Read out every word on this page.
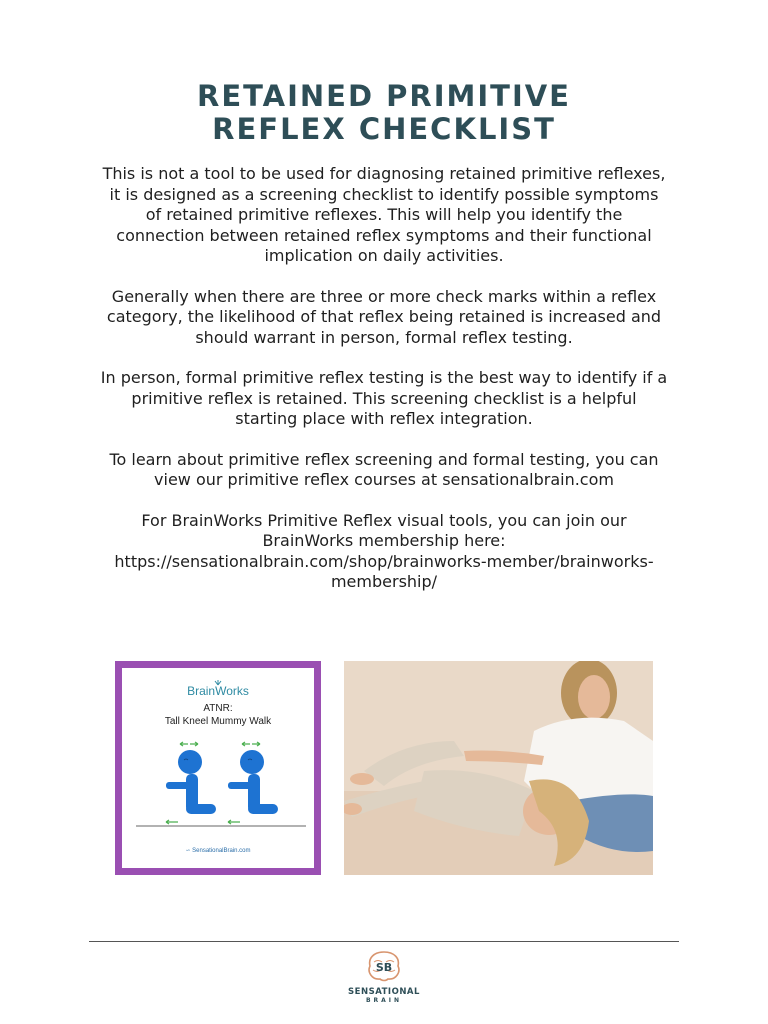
RETAINED PRIMITIVE
REFLEX CHECKLIST

This is not a tool to be used for diagnosing retained primitive reflexes, it is designed as a screening checklist to identify possible symptoms of retained primitive reflexes. This will help you identify the connection between retained reflex symptoms and their functional implication on daily activities.

Generally when there are three or more check marks within a reflex category, the likelihood of that reflex being retained is increased and should warrant in person, formal reflex testing.

In person, formal primitive reflex testing is the best way to identify if a primitive reflex is retained. This screening checklist is a helpful starting place with reflex integration.

To learn about primitive reflex screening and formal testing, you can view our primitive reflex courses at sensationalbrain.com

For BrainWorks Primitive Reflex visual tools, you can join our BrainWorks membership here:
https://sensationalbrain.com/shop/brainworks-member/brainworks-membership/

BrainWorks
ATNR:
Tall Kneel Mummy Walk
∽ SensationalBrain.com
SB
SENSATIONAL
BRAIN
